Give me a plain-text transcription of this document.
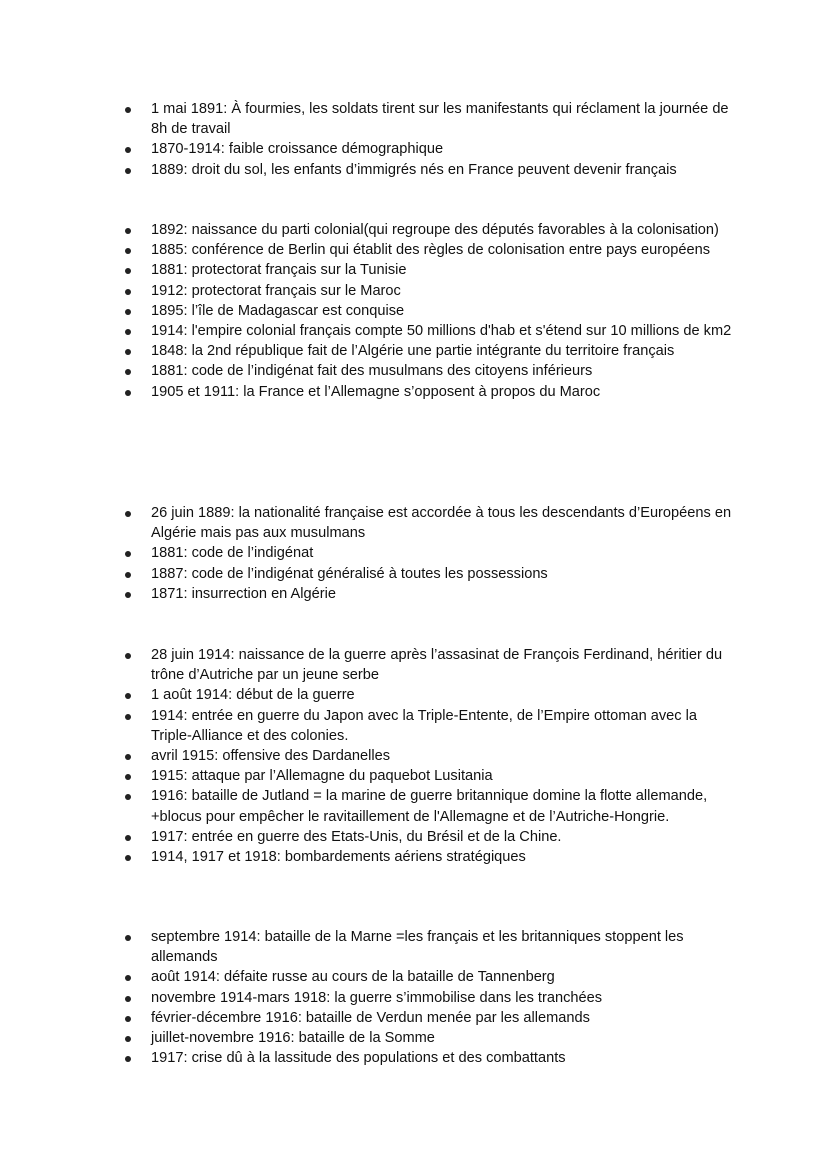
1 mai 1891: À fourmies, les soldats tirent sur les manifestants qui réclament la journée de 8h de travail
1870-1914: faible croissance démographique
1889: droit du sol, les enfants d’immigrés nés en France peuvent devenir français
1892: naissance du parti colonial(qui regroupe des députés favorables à la colonisation)
1885: conférence de Berlin qui établit des règles de colonisation entre pays européens
1881: protectorat français sur la Tunisie
1912: protectorat français sur le Maroc
1895: l’île de Madagascar est conquise
1914: l'empire colonial français compte 50 millions d'hab et s'étend sur 10 millions de km2
1848: la 2nd république fait de l’Algérie une partie intégrante du territoire français
1881: code de l’indigénat fait des musulmans des citoyens inférieurs
1905 et 1911: la France et l’Allemagne s’opposent à propos du Maroc
26 juin 1889: la nationalité française est accordée à tous les descendants d’Européens en Algérie mais pas aux musulmans
1881: code de l’indigénat
1887: code de l’indigénat généralisé à toutes les possessions
1871: insurrection en Algérie
28 juin 1914: naissance de la guerre après l’assasinat de François Ferdinand, héritier du trône d’Autriche par un jeune serbe
1 août 1914: début de la guerre
1914: entrée en guerre du Japon avec la Triple-Entente, de l’Empire ottoman avec la Triple-Alliance et des colonies.
avril 1915: offensive des Dardanelles
1915: attaque par l’Allemagne du paquebot Lusitania
1916: bataille de Jutland = la marine de guerre britannique domine la flotte allemande, +blocus pour empêcher le ravitaillement de l'Allemagne et de l’Autriche-Hongrie.
1917: entrée en guerre des Etats-Unis, du Brésil et de la Chine.
1914, 1917 et 1918: bombardements aériens stratégiques
septembre 1914: bataille de la Marne =les français et les britanniques stoppent les allemands
août 1914: défaite russe au cours de la bataille de Tannenberg
novembre 1914-mars 1918: la guerre s’immobilise dans les tranchées
février-décembre 1916: bataille de Verdun menée par les allemands
juillet-novembre 1916: bataille de la Somme
1917: crise dû à la lassitude des populations et des combattants
